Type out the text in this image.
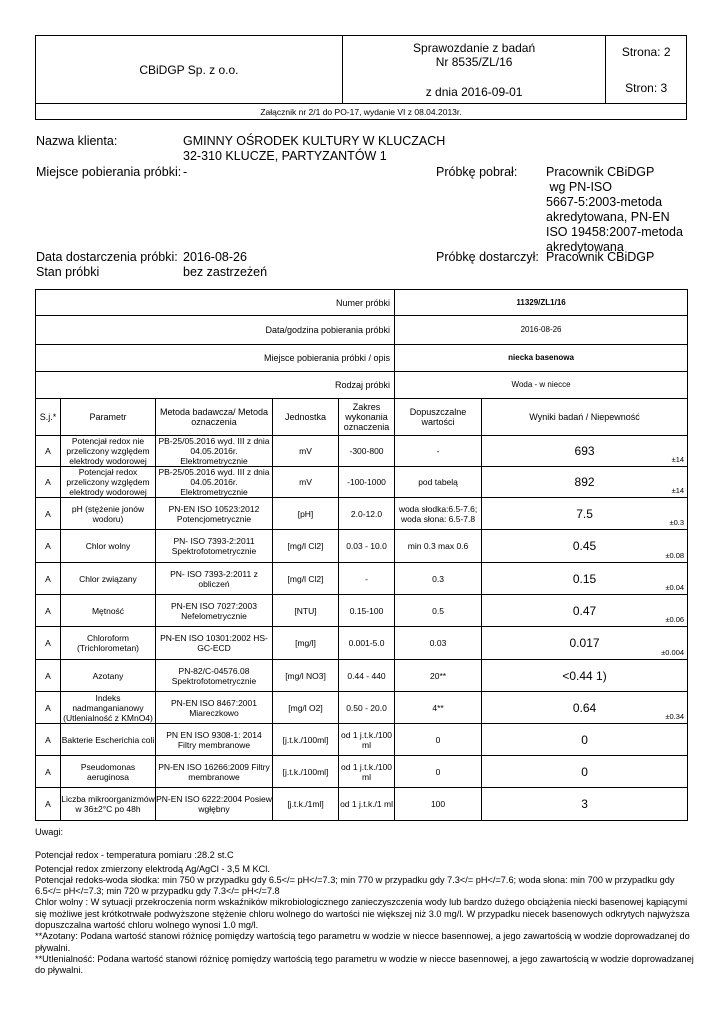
CBiDGP Sp. z o.o.	
Sprawozdanie z badań
Nr 8535/ZL/16
z dnia 2016-09-01

Strona: 2
Stron: 3

Załącznik nr 2/1 do PO-17, wydanie VI z 08.04.2013r.
Nazwa klienta:	GMINNY OŚRODEK KULTURY W KLUCZACH
32-310 KLUCZE, PARTYZANTÓW 1
Miejsce pobierania próbki: -	Próbkę pobrał: Pracownik CBiDGP
wg PN-ISO
5667-5:2003-metoda
akredytowana, PN-EN
ISO 19458:2007-metoda
akredytowana
Data dostarczenia próbki: 2016-08-26
Stan próbki	bez zastrzeżeń
Próbkę dostarczył: Pracownik CBiDGP
Numer próbki					11329/ZL1/16	
Data/godzina pobierania próbki					2016-08-26	
Miejsce pobierania próbki / opis					niecka basenowa	
Rodzaj próbki					Woda - w niecce	
S.j.*	Parametr	Metoda badawcza/ Metoda oznaczenia	Jednostka	Zakres wykonania oznaczenia	Dopuszczalne wartości	Wyniki badań / Niepewność
A	Potencjał redox nie przeliczony względem elektrody wodorowej	PB-25/05.2016 wyd. III z dnia 04.05.2016r. Elektrometrycznie	mV	-300-800	-	693
±14

A	Potencjał redox przeliczony względem elektrody wodorowej	PB-25/05.2016 wyd. III z dnia 04.05.2016r. Elektrometrycznie	mV	-100-1000	pod tabelą	892
±14

A	pH (stężenie jonów wodoru)	PN-EN ISO 10523:2012 Potencjometrycznie	[pH]	2.0-12.0	woda słodka:6.5-7.6; woda słona: 6.5-7.8	7.5
±0.3

A	Chlor wolny	PN- ISO 7393-2:2011 Spektrofotometrycznie	[mg/l Cl2]	0.03 - 10.0	min 0.3 max 0.6	0.45
±0.08

A	Chlor związany	PN- ISO 7393-2:2011 z obliczeń	[mg/l Cl2]	-	0.3	0.15
±0.04

A	Mętność	PN-EN ISO 7027:2003 Nefelometrycznie	[NTU]	0.15-100	0.5	0.47
±0.06

A	Chloroform (Trichlorometan)	PN-EN ISO 10301:2002 HS-GC-ECD	[mg/l]	0.001-5.0	0.03	0.017
±0.004

A	Azotany	PN-82/C-04576.08 Spektrofotometrycznie	[mg/l NO3]	0.44 - 440	20**	<0.44 1)

A	Indeks nadmanganianowy (Utlenialność z KMnO4)	PN-EN ISO 8467:2001 Miareczkowo	[mg/l O2]	0.50 - 20.0	4**	0.64
±0.34

A	Bakterie Escherichia coli	PN EN ISO 9308-1: 2014 Filtry membranowe	[j.t.k./100ml]	od 1 j.t.k./100 ml	0	0

A	Pseudomonas aeruginosa	PN-EN ISO 16266:2009 Filtry membranowe	[j.t.k./100ml]	od 1 j.t.k./100 ml	0	0

A	Liczba mikroorganizmów w 36±2°C po 48h	PN-EN ISO 6222:2004 Posiew wgłębny	[j.t.k./1ml]	od 1 j.t.k./1 ml	100	3

Uwagi:

Potencjał redox - temperatura pomiaru :28.2 st.C

Potencjał redox zmierzony elektrodą Ag/AgCl - 3,5 M KCl.

Potencjał redoks-woda słodka: min 750 w przypadku gdy 6.5</= pH</=7.3; min 770 w przypadku gdy 7.3</= pH</=7.6; woda słona: min 700 w przypadku gdy 6.5</= pH</=7.3; min 720 w przypadku gdy 7.3</= pH</=7.8

Chlor wolny : W sytuacji przekroczenia norm wskaźników mikrobiologicznego zanieczyszczenia wody lub bardzo dużego obciążenia niecki basenowej kąpiącymi się możliwe jest krótkotrwałe podwyższone stężenie chloru wolnego do wartości nie większej niż 3.0 mg/l. W przypadku niecek basenowych odkrytych najwyższa dopuszczalna wartość chloru wolnego wynosi 1.0 mg/l.

**Azotany: Podana wartość stanowi różnicę pomiędzy wartością tego parametru w wodzie w niecce basennowej, a jego zawartością w wodzie doprowadzanej do pływalni.

**Utlenialność: Podana wartość stanowi różnicę pomiędzy wartością tego parametru w wodzie w niecce basennowej, a jego zawartością w wodzie doprowadzanej do pływalni.
